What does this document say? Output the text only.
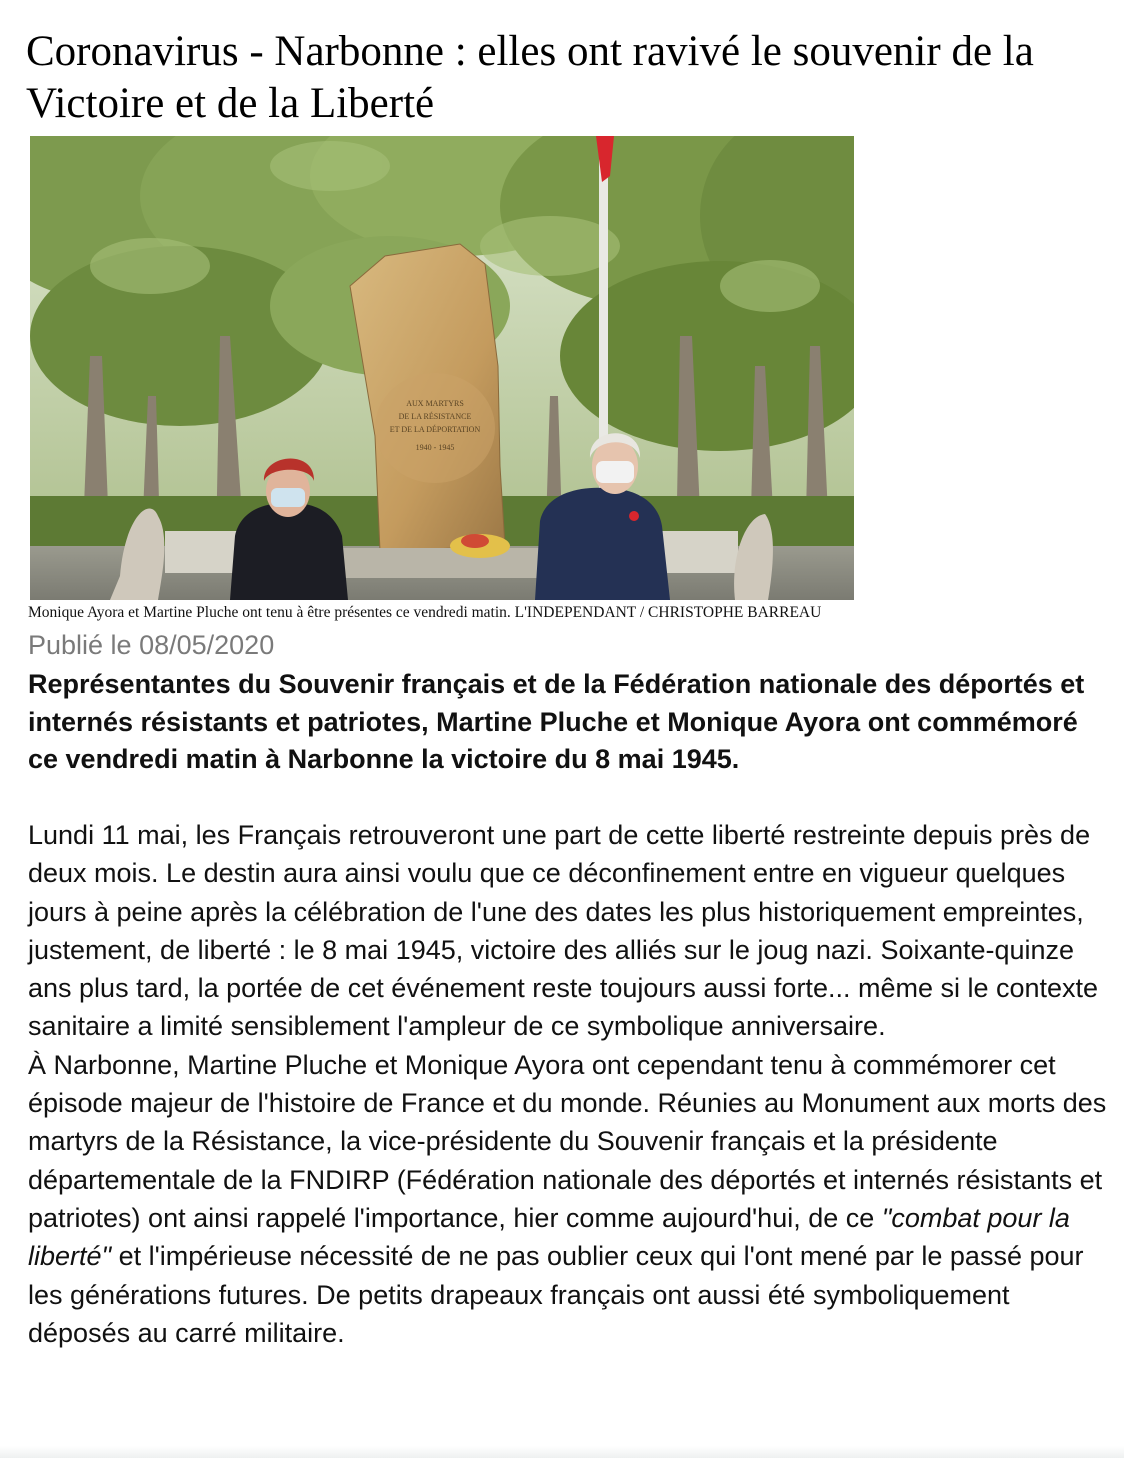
Coronavirus - Narbonne : elles ont ravivé le souvenir de la Victoire et de la Liberté
AUX MARTYRS
DE LA RÉSISTANCE
ET DE LA DÉPORTATION
1940 - 1945
Monique Ayora et Martine Pluche ont tenu à être présentes ce vendredi matin. L'INDEPENDANT / CHRISTOPHE BARREAU
Publié le 08/05/2020

Représentantes du Souvenir français et de la Fédération nationale des déportés et internés résistants et patriotes, Martine Pluche et Monique Ayora ont commémoré ce vendredi matin à Narbonne la victoire du 8 mai 1945.

Lundi 11 mai, les Français retrouveront une part de cette liberté restreinte depuis près de deux mois. Le destin aura ainsi voulu que ce déconfinement entre en vigueur quelques jours à peine après la célébration de l'une des dates les plus historiquement empreintes, justement, de liberté : le 8 mai 1945, victoire des alliés sur le joug nazi. Soixante-quinze ans plus tard, la portée de cet événement reste toujours aussi forte... même si le contexte sanitaire a limité sensiblement l'ampleur de ce symbolique anniversaire.

À Narbonne, Martine Pluche et Monique Ayora ont cependant tenu à commémorer cet épisode majeur de l'histoire de France et du monde. Réunies au Monument aux morts des martyrs de la Résistance, la vice-présidente du Souvenir français et la présidente départementale de la FNDIRP (Fédération nationale des déportés et internés résistants et patriotes) ont ainsi rappelé l'importance, hier comme aujourd'hui, de ce "combat pour la liberté" et l'impérieuse nécessité de ne pas oublier ceux qui l'ont mené par le passé pour les générations futures. De petits drapeaux français ont aussi été symboliquement déposés au carré militaire.
